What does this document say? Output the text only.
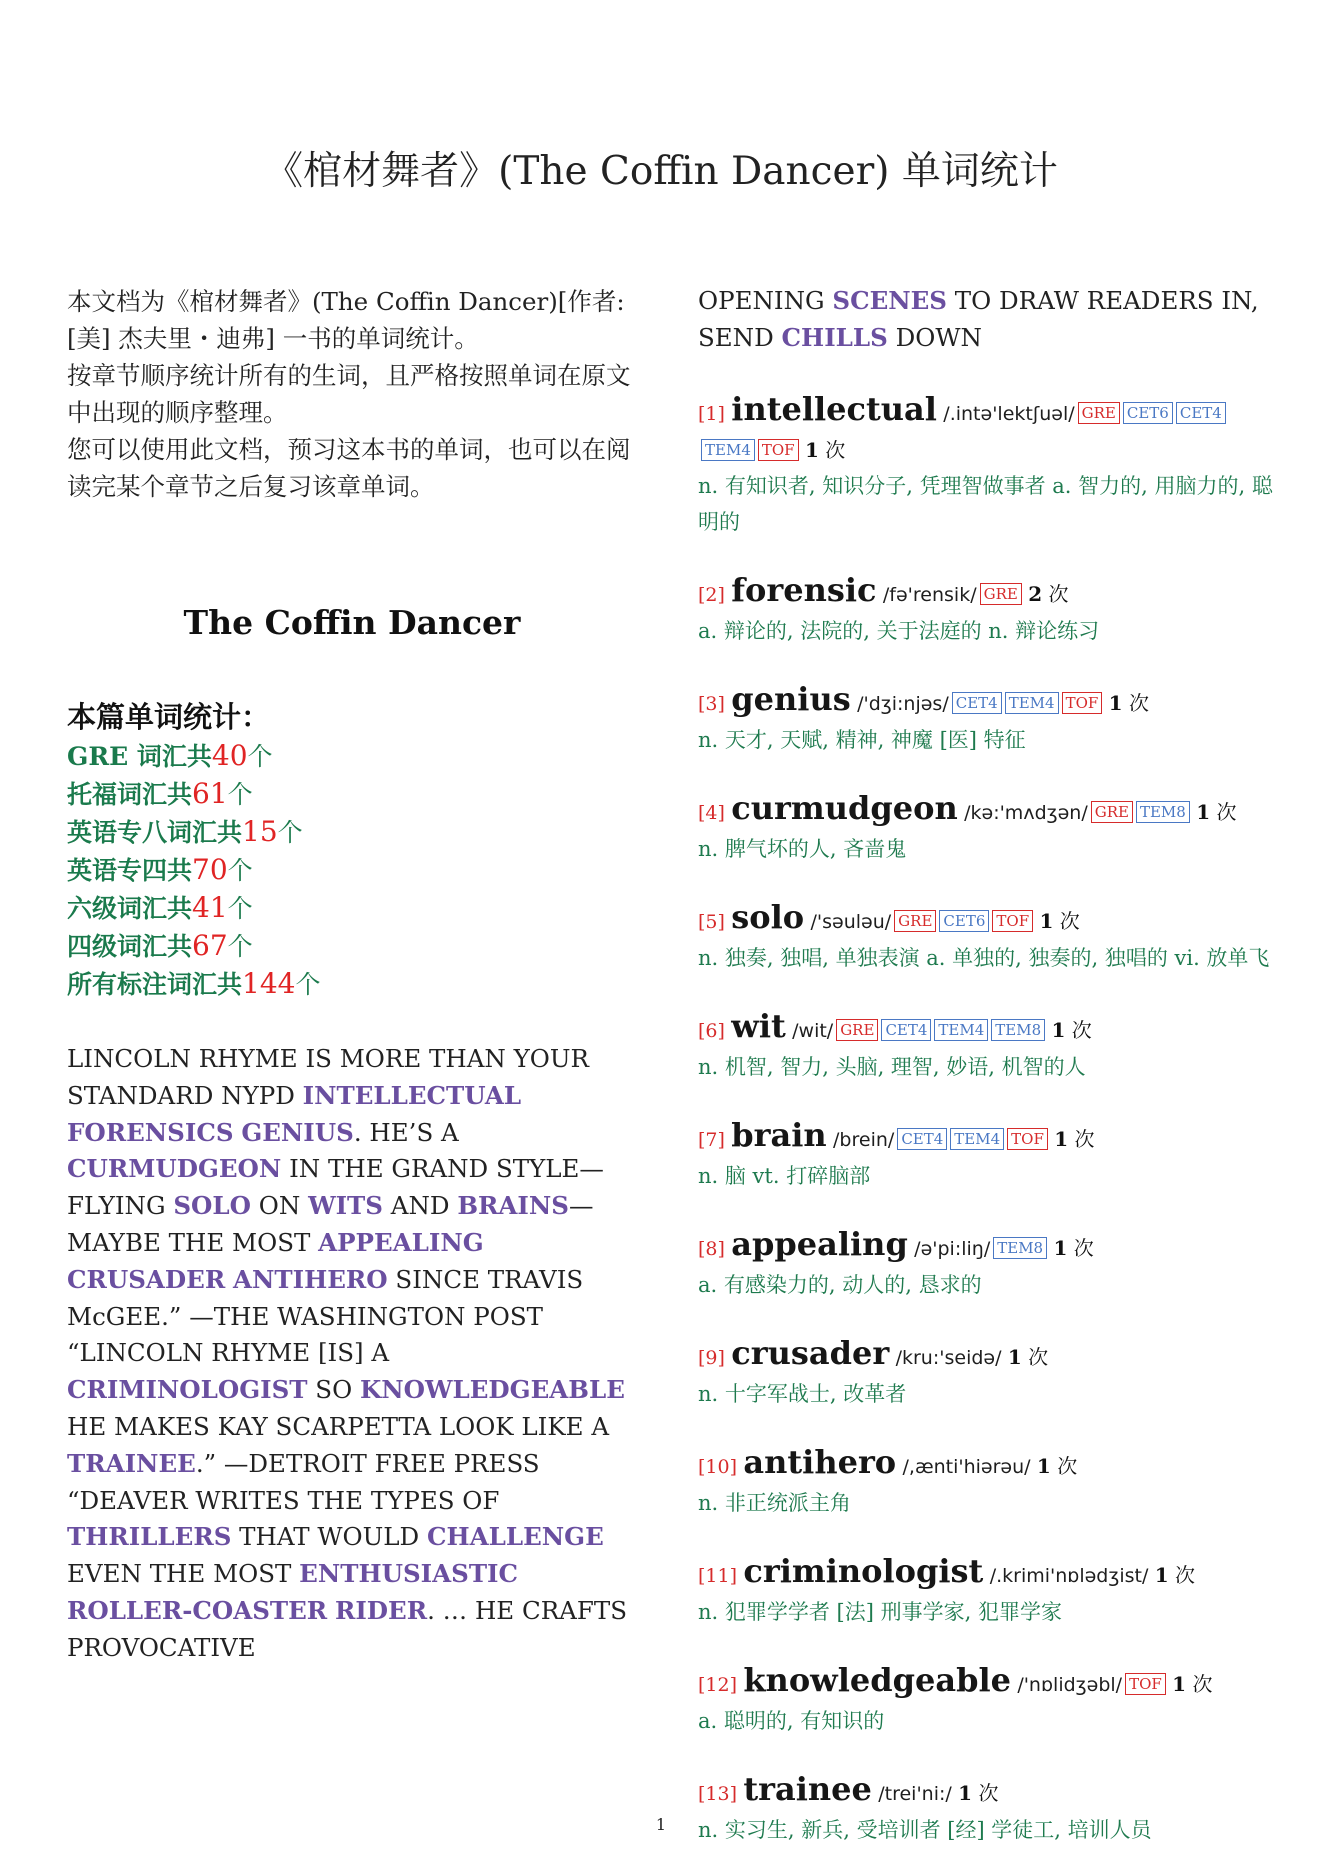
《棺材舞者》(The Coffin Dancer) 单词统计

本文档为《棺材舞者》(The Coffin Dancer)[作者: [美] 杰夫里・迪弗] 一书的单词统计。

按章节顺序统计所有的生词，且严格按照单词在原文中出现的顺序整理。

您可以使用此文档，预习这本书的单词，也可以在阅读完某个章节之后复习该章单词。

The Coffin Dancer
本篇单词统计：
GRE 词汇共40个
托福词汇共61个
英语专八词汇共15个
英语专四共70个
六级词汇共41个
四级词汇共67个
所有标注词汇共144个
LINCOLN RHYME IS MORE THAN YOUR STANDARD NYPD INTELLECTUAL FORENSICS GENIUS. HE’S A CURMUDGEON IN THE GRAND STYLE—FLYING SOLO ON WITS AND BRAINS—MAYBE THE MOST APPEALING CRUSADER ANTIHERO SINCE TRAVIS McGEE.” —THE WASHINGTON POST “LINCOLN RHYME [IS] A CRIMINOLOGIST SO KNOWLEDGEABLE HE MAKES KAY SCARPETTA LOOK LIKE A TRAINEE.” —DETROIT FREE PRESS “DEAVER WRITES THE TYPES OF THRILLERS THAT WOULD CHALLENGE EVEN THE MOST ENTHUSIASTIC ROLLER-COASTER RIDER. … HE CRAFTS PROVOCATIVE
OPENING SCENES TO DRAW READERS IN, SEND CHILLS DOWN
[1] intellectual /.intə'lektʃuəl/ GRE CET6 CET4TEM4 TOF 1 次
n. 有知识者, 知识分子, 凭理智做事者 a. 智力的, 用脑力的, 聪明的
[2] forensic /fə'rensik/ GRE 2 次
a. 辩论的, 法院的, 关于法庭的 n. 辩论练习
[3] genius /'dʒi:njəs/ CET4 TEM4 TOF 1 次
n. 天才, 天赋, 精神, 神魔 [医] 特征
[4] curmudgeon /kə:'mʌdʒən/ GRE TEM8 1 次
n. 脾气坏的人, 吝啬鬼
[5] solo /'səuləu/ GRE CET6 TOF 1 次
n. 独奏, 独唱, 单独表演 a. 单独的, 独奏的, 独唱的 vi. 放单飞
[6] wit /wit/ GRE CET4 TEM4 TEM8 1 次
n. 机智, 智力, 头脑, 理智, 妙语, 机智的人
[7] brain /brein/ CET4 TEM4 TOF 1 次
n. 脑 vt. 打碎脑部
[8] appealing /ə'pi:liŋ/ TEM8 1 次
a. 有感染力的, 动人的, 恳求的
[9] crusader /kru:'seidə/ 1 次
n. 十字军战士, 改革者
[10] antihero /,ænti'hiərəu/ 1 次
n. 非正统派主角
[11] criminologist /.krimi'nɒlədʒist/ 1 次
n. 犯罪学学者 [法] 刑事学家, 犯罪学家
[12] knowledgeable /'nɒlidʒəbl/ TOF 1 次
a. 聪明的, 有知识的
[13] trainee /trei'ni:/ 1 次
n. 实习生, 新兵, 受培训者 [经] 学徒工, 培训人员
1
